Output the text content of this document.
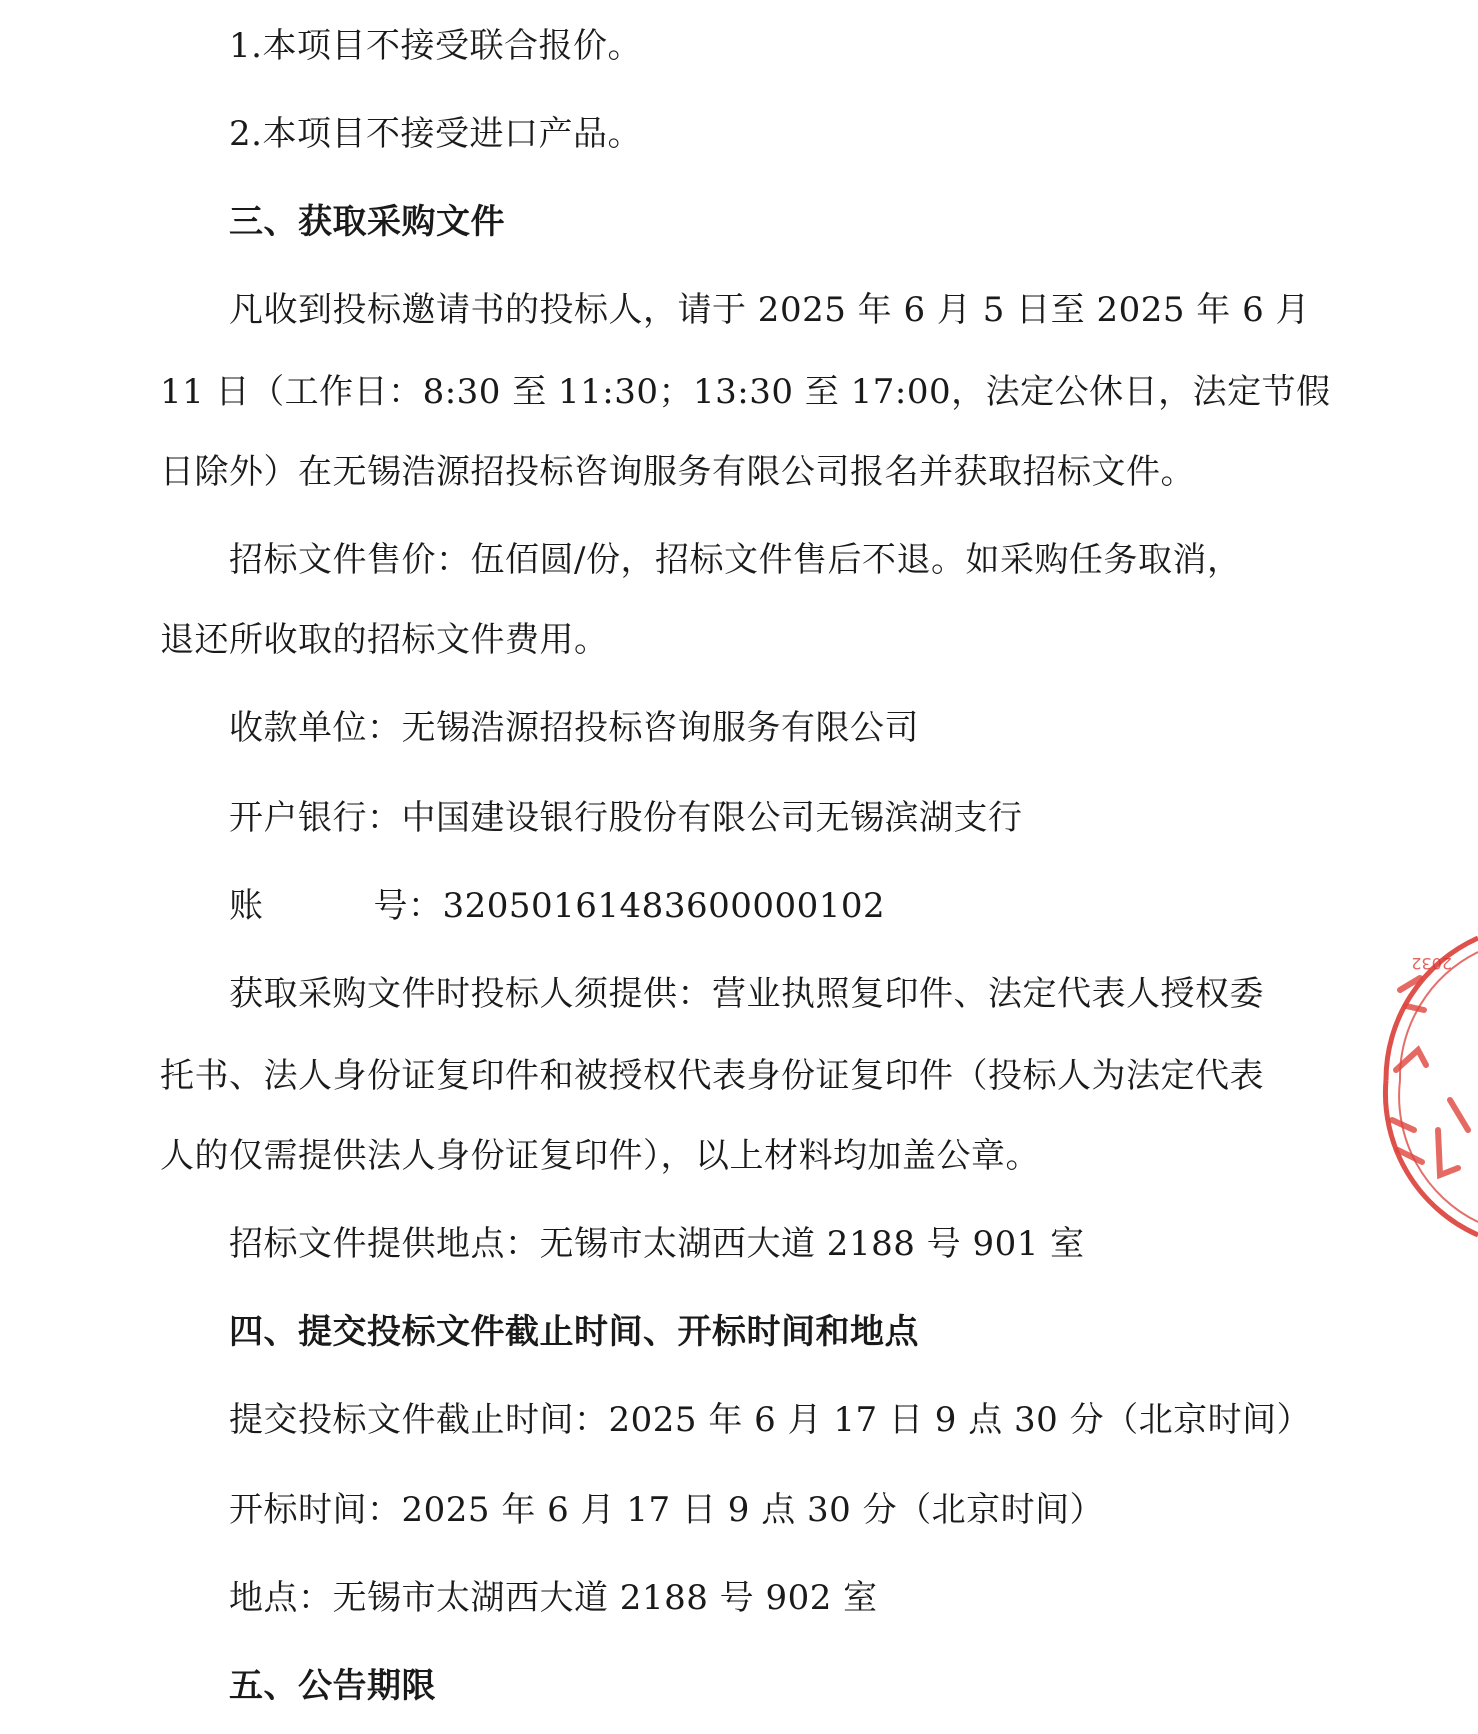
1.本项目不接受联合报价。
2.本项目不接受进口产品。
三、获取采购文件
凡收到投标邀请书的投标人，请于 2025 年 6 月 5 日至 2025 年 6 月
11 日（工作日：8:30 至 11:30；13:30 至 17:00，法定公休日，法定节假
日除外）在无锡浩源招投标咨询服务有限公司报名并获取招标文件。
招标文件售价：伍佰圆/份，招标文件售后不退。如采购任务取消，
退还所收取的招标文件费用。
收款单位：无锡浩源招投标咨询服务有限公司
开户银行：中国建设银行股份有限公司无锡滨湖支行
账	号：32050161483600000102
获取采购文件时投标人须提供：营业执照复印件、法定代表人授权委
托书、法人身份证复印件和被授权代表身份证复印件（投标人为法定代表
人的仅需提供法人身份证复印件），以上材料均加盖公章。
招标文件提供地点：无锡市太湖西大道 2188 号 901 室
四、提交投标文件截止时间、开标时间和地点
提交投标文件截止时间：2025 年 6 月 17 日 9 点 30 分（北京时间）
开标时间：2025 年 6 月 17 日 9 点 30 分（北京时间）
地点：无锡市太湖西大道 2188 号 902 室
五、公告期限
2032
